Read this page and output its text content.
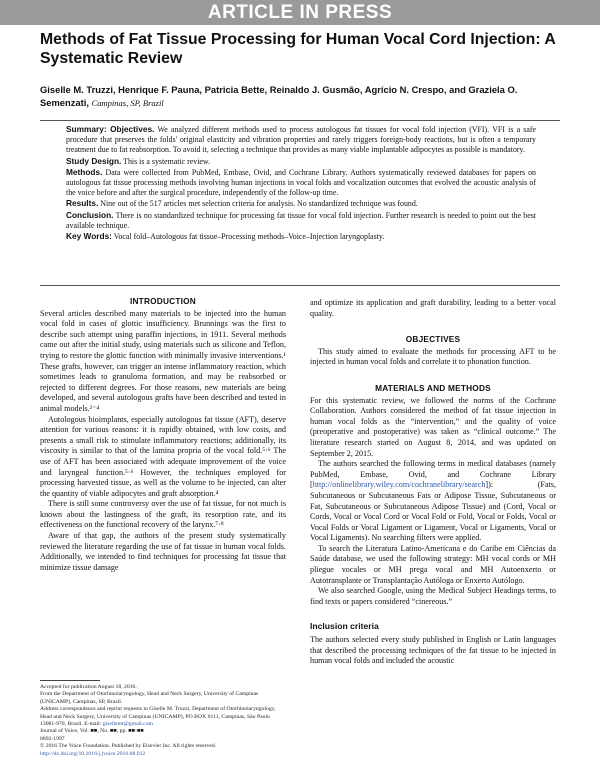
ARTICLE IN PRESS
Methods of Fat Tissue Processing for Human Vocal Cord Injection: A Systematic Review
Giselle M. Truzzi, Henrique F. Pauna, Patricia Bette, Reinaldo J. Gusmão, Agrício N. Crespo, and Graziela O. Semenzati, Campinas, SP, Brazil

Summary: Objectives. We analyzed different methods used to process autologous fat tissues for vocal fold injection (VFI). VFI is a safe procedure that preserves the folds' original elasticity and vibration properties and rarely triggers foreign-body reactions, but is often a temporary treatment due to fat reabsorption. To avoid it, selecting a technique that provides as many viable implantable adipocytes as possible is mandatory.

Study Design. This is a systematic review.

Methods. Data were collected from PubMed, Embase, Ovid, and Cochrane Library. Authors systematically reviewed databases for papers on autologous fat tissue processing methods involving human injections in vocal folds and vocalization outcomes that evolved the acoustic analysis of the voice before and after the surgical procedure, independently of the follow-up time.

Results. Nine out of the 517 articles met selection criteria for analysis. No standardized technique was found.

Conclusion. There is no standardized technique for processing fat tissue for vocal fold injection. Further research is needed to point out the best available technique.

Key Words: Vocal fold–Autologous fat tissue–Processing methods–Voice–Injection laryngoplasty.

INTRODUCTION

Several articles described many materials to be injected into the human vocal fold in cases of glottic insufficiency. Brunnings was the first to describe such attempt using paraffin injections, in 1911. Several methods came out after the initial study, using materials such as silicone and Teflon, trying to restore the glottic function with minimally invasive interventions.¹ These grafts, however, can trigger an intense inflammatory reaction, which sometimes leads to granuloma formation, and may be reabsorbed or rejected to different degrees. For those reasons, new materials are being developed, and several autologous grafts have been described and tested in animal models.²⁻⁴

Autologous bioimplants, especially autologous fat tissue (AFT), deserve attention for various reasons: it is rapidly obtained, with low costs, and presents a small risk to stimulate inflammatory reactions; additionally, its viscosity is similar to that of the lamina propria of the vocal fold.⁵·⁶ The use of AFT has been associated with adequate improvement of the voice and laryngeal function.⁵·⁶ However, the techniques employed for processing harvested tissue, as well as the volume to be injected, can alter the quantity of viable adipocytes and graft absorption.⁴

There is still some controversy over the use of fat tissue, for not much is known about the lastingness of the graft, its resorption rate, and its effectiveness on the functional recovery of the larynx.⁷·⁸

Aware of that gap, the authors of the present study systematically reviewed the literature regarding the use of fat tissue in human vocal folds. Additionally, we intended to find techniques for processing fat tissue that minimize tissue damage

Accepted for publication August 18, 2016.

From the Department of Otorhinolaryngology, Head and Neck Surgery, University of Campinas (UNICAMP), Campinas, SP, Brazil.

Address correspondence and reprint requests to Giselle M. Truzzi, Department of Otorhinolaryngology, Head and Neck Surgery, University of Campinas (UNICAMP), PO BOX 6111, Campinas, São Paulo 13081-970, Brazil. E-mail: gisellemt@gmail.com

Journal of Voice, Vol. ■■, No. ■■, pp. ■■-■■

0892-1997

© 2016 The Voice Foundation. Published by Elsevier Inc. All rights reserved.

http://dx.doi.org/10.1016/j.jvoice.2016.08.012

and optimize its application and graft durability, leading to a better vocal quality.

OBJECTIVES

This study aimed to evaluate the methods for processing AFT to be injected in human vocal folds and correlate it to phonation function.

MATERIALS AND METHODS

For this systematic review, we followed the norms of the Cochrane Collaboration. Authors considered the method of fat tissue injection in human vocal folds as the “intervention,” and the quality of voice (preoperative and postoperative) was taken as “clinical outcome.” The literature research started on August 8, 2014, and was updated on September 2, 2015.

The authors searched the following terms in medical databases (namely PubMed, Embase, Ovid, and Cochrane Library [http://onlinelibrary.wiley.com/cochranelibrary/search]): (Fats, Subcutaneous or Subcutaneous Fats or Adipose Tissue, Subcutaneous or Fat, Subcutaneous or Subcutaneous Adipose Tissue) and (Cord, Vocal or Cords, Vocal or Vocal Cord or Vocal Fold or Fold, Vocal or Folds, Vocal or Vocal Folds or Vocal Ligament or Ligament, Vocal or Ligaments, Vocal or Vocal Ligaments). No searching filters were applied.

To search the Literatura Latino-Americana e do Caribe em Ciências da Saúde database, we used the following strategy: MH vocal cords or MH pliegue vocales or MH prega vocal and MH Autoenxerto or Autotransplante or Transplantação Autóloga or Enxerto Autólogo.

We also searched Google, using the Medical Subject Headings terms, to find texts or papers considered “cinereous.”

Inclusion criteria

The authors selected every study published in English or Latin languages that described the processing techniques of the fat tissue to be injected in human vocal folds and included the acoustic
